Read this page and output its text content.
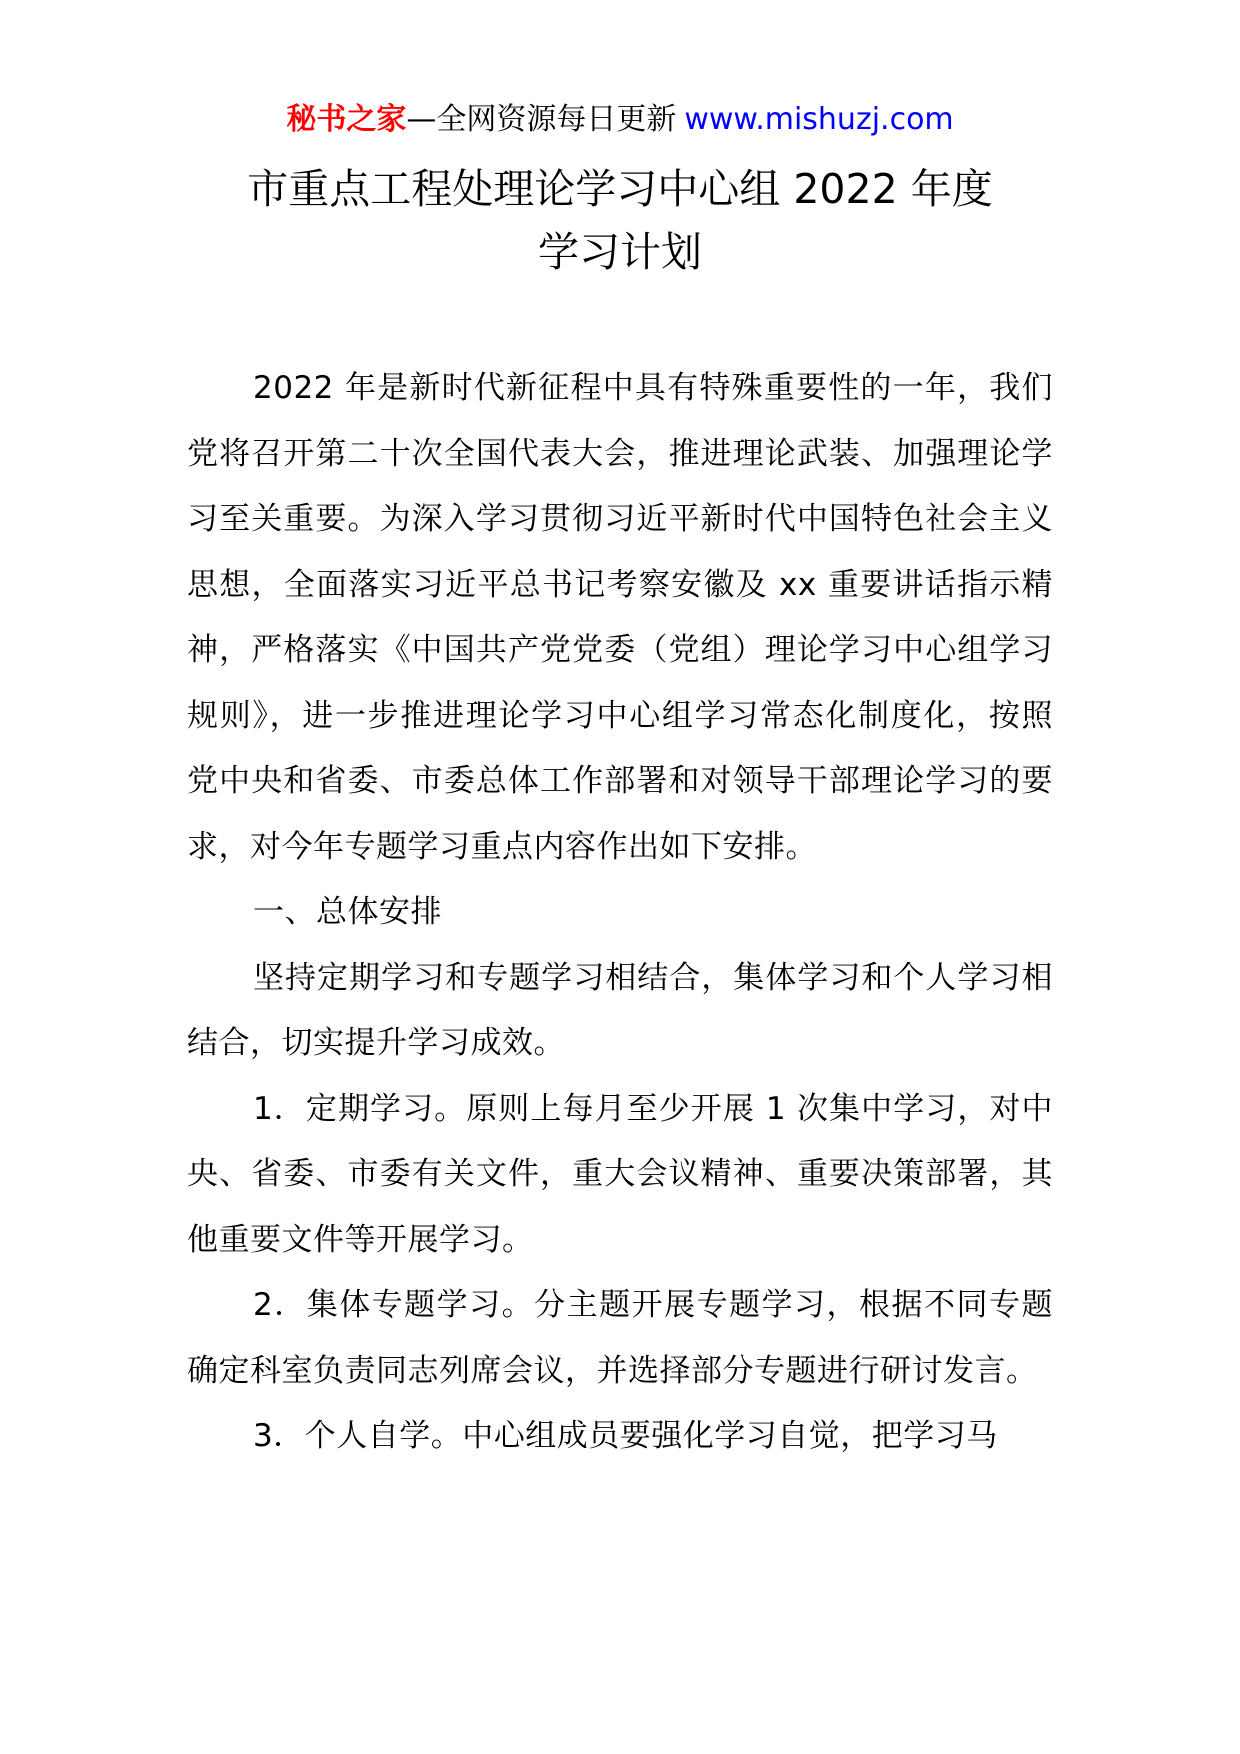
秘书之家—全网资源每日更新 www.mishuzj.com
市重点工程处理论学习中心组 2022 年度
学习计划

2022 年是新时代新征程中具有特殊重要性的一年，我们党将召开第二十次全国代表大会，推进理论武装、加强理论学习至关重要。为深入学习贯彻习近平新时代中国特色社会主义思想，全面落实习近平总书记考察安徽及 xx 重要讲话指示精神，严格落实《中国共产党党委（党组）理论学习中心组学习规则》，进一步推进理论学习中心组学习常态化制度化，按照党中央和省委、市委总体工作部署和对领导干部理论学习的要求，对今年专题学习重点内容作出如下安排。

一、总体安排

坚持定期学习和专题学习相结合，集体学习和个人学习相结合，切实提升学习成效。

1．定期学习。原则上每月至少开展 1 次集中学习，对中央、省委、市委有关文件，重大会议精神、重要决策部署，其他重要文件等开展学习。

2．集体专题学习。分主题开展专题学习，根据不同专题确定科室负责同志列席会议，并选择部分专题进行研讨发言。

3．个人自学。中心组成员要强化学习自觉，把学习马
